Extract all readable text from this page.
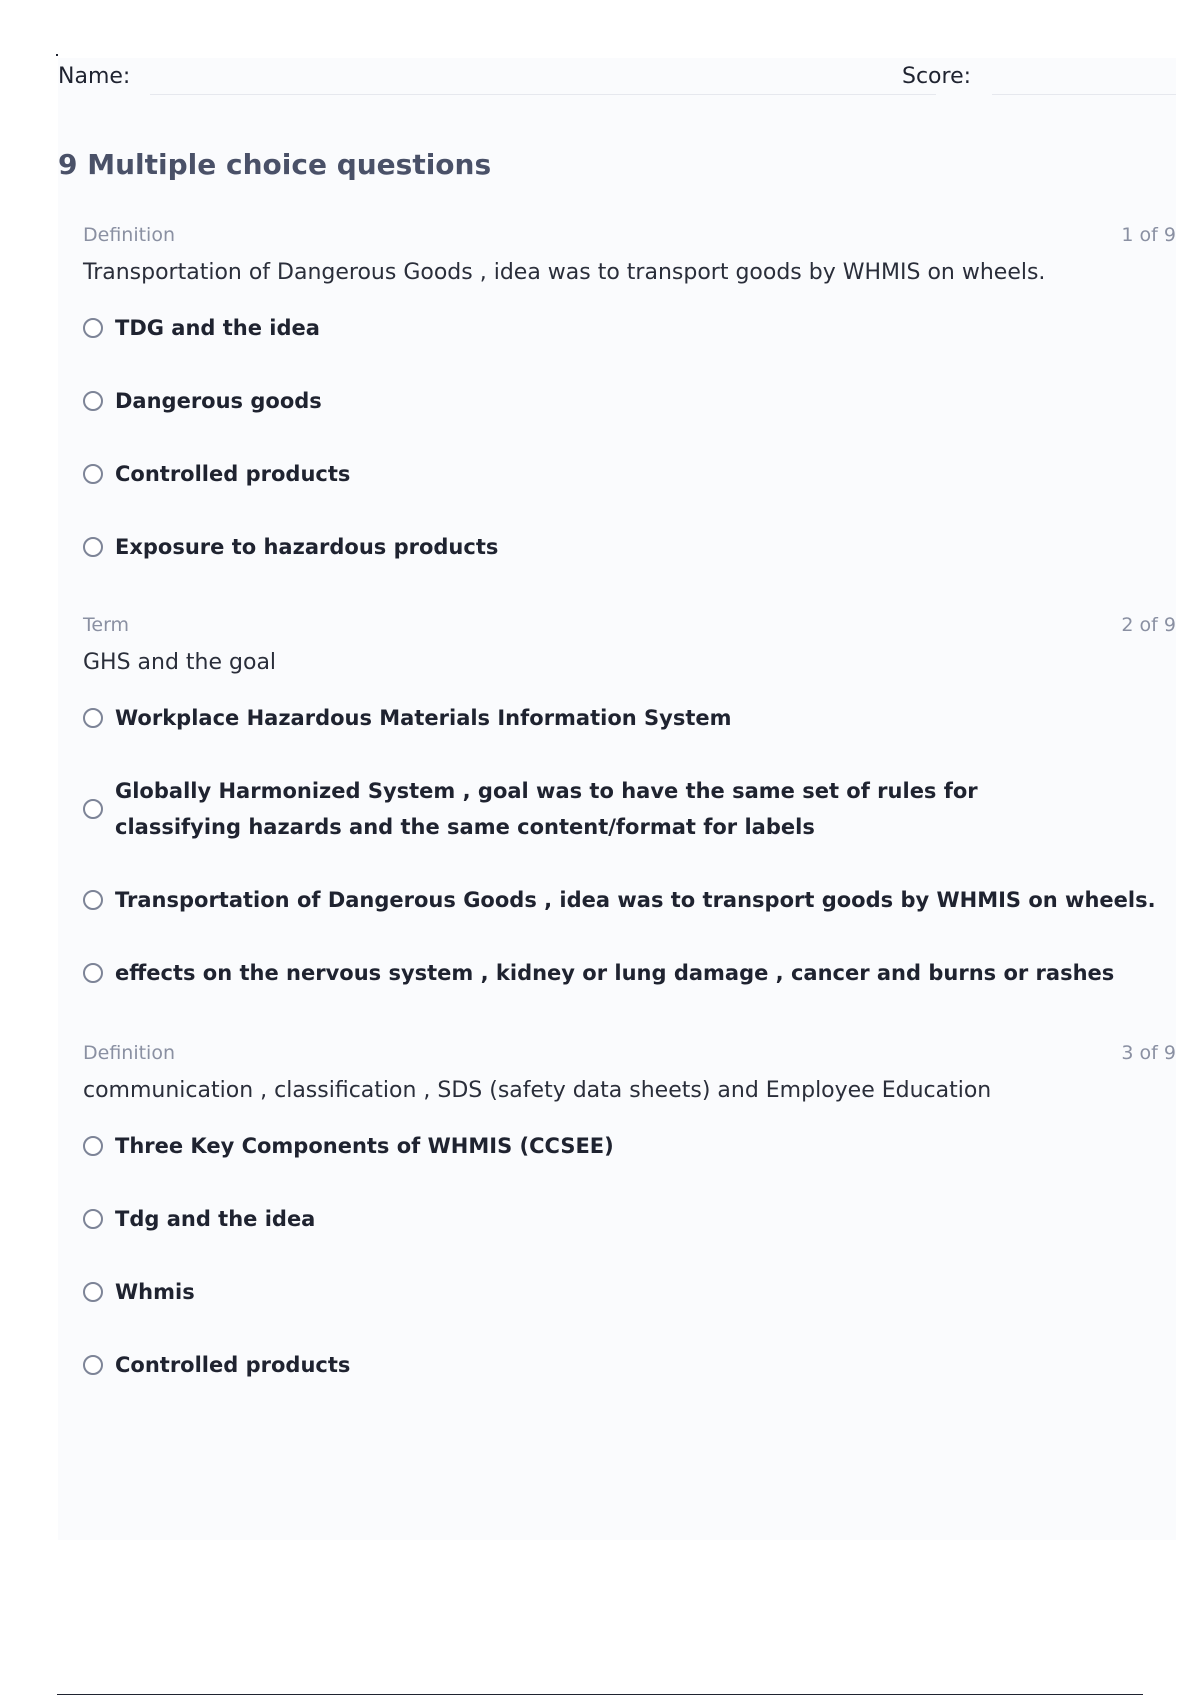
Name:	Score:
9 Multiple choice questions
Definition	1 of 9
Transportation of Dangerous Goods , idea was to transport goods by WHMIS on wheels.
TDG and the idea
Dangerous goods
Controlled products
Exposure to hazardous products
Term	2 of 9
GHS and the goal
Workplace Hazardous Materials Information System
Globally Harmonized System , goal was to have the same set of rules for classifying hazards and the same content/format for labels
Transportation of Dangerous Goods , idea was to transport goods by WHMIS on wheels.
effects on the nervous system , kidney or lung damage , cancer and burns or rashes
Definition	3 of 9
communication , classification , SDS (safety data sheets) and Employee Education
Three Key Components of WHMIS (CCSEE)
Tdg and the idea
Whmis
Controlled products
